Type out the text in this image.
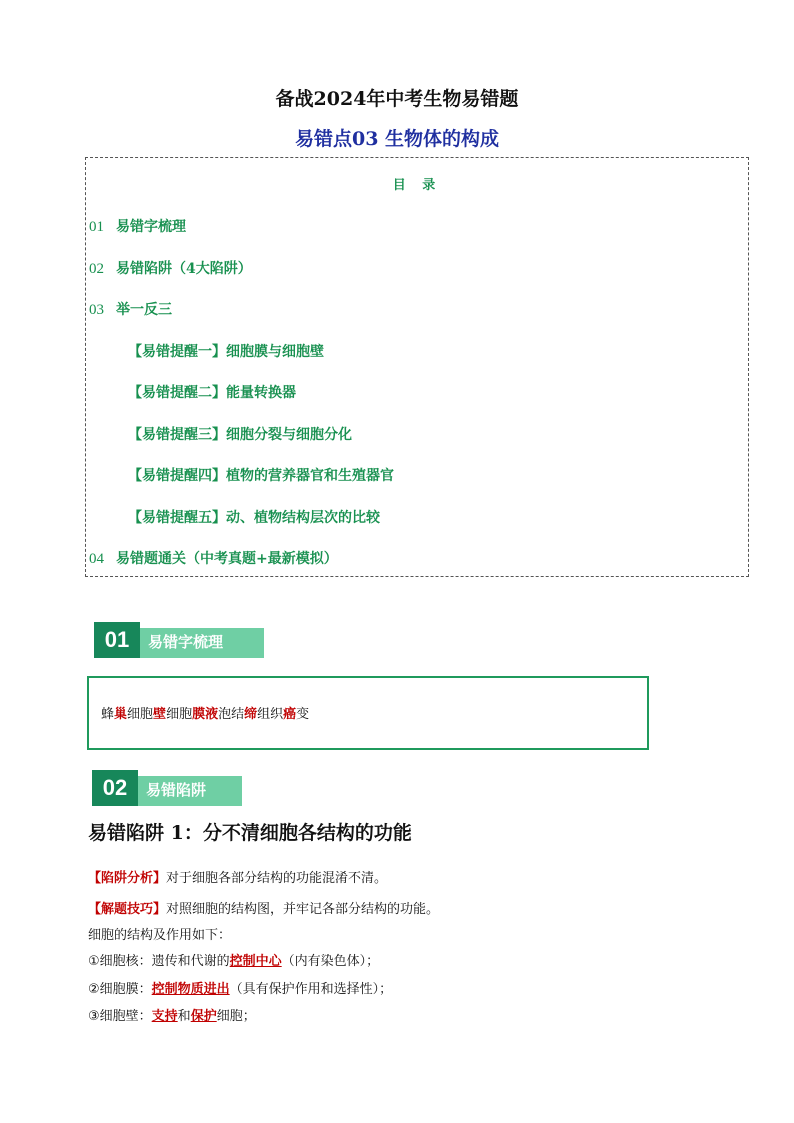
备战2024年中考生物易错题
易错点03 生物体的构成
目 录
01 易错字梳理
02 易错陷阱（4大陷阱）
03 举一反三
【易错提醒一】细胞膜与细胞壁
【易错提醒二】能量转换器
【易错提醒三】细胞分裂与细胞分化
【易错提醒四】植物的营养器官和生殖器官
【易错提醒五】动、植物结构层次的比较
04 易错题通关（中考真题+最新模拟）
01	易错字梳理
蜂巢细胞壁细胞膜液泡结缔组织癌变
02	易错陷阱
易错陷阱 1：分不清细胞各结构的功能
【陷阱分析】对于细胞各部分结构的功能混淆不清。
【解题技巧】对照细胞的结构图，并牢记各部分结构的功能。
细胞的结构及作用如下：
①细胞核：遗传和代谢的控制中心（内有染色体）；
②细胞膜：控制物质进出（具有保护作用和选择性）；
③细胞壁：支持和保护细胞；
